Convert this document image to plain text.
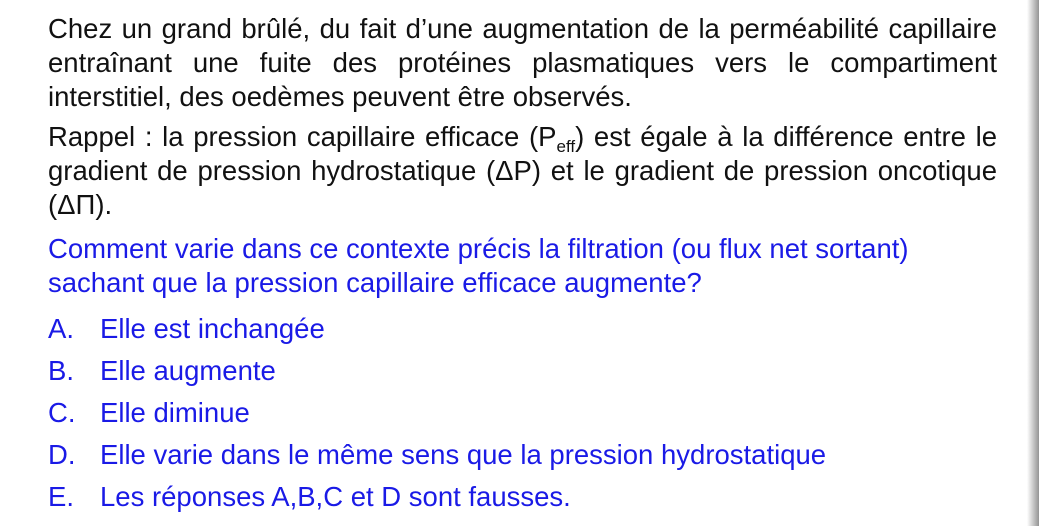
Chez un grand brûlé, du fait d’une augmentation de la perméabilité capillaire entraînant une fuite des protéines plasmatiques vers le compartiment interstitiel, des oedèmes peuvent être observés.

Rappel : la pression capillaire efficace $(P_{eff})$ est égale à la différence entre le gradient de pression hydrostatique (ΔP) et le gradient de pression oncotique (ΔΠ).

Comment varie dans ce contexte précis la filtration (ou flux net sortant) sachant que la pression capillaire efficace augmente?

A. Elle est inchangée
B. Elle augmente
C. Elle diminue
D. Elle varie dans le même sens que la pression hydrostatique
E. Les réponses A,B,C et D sont fausses.
